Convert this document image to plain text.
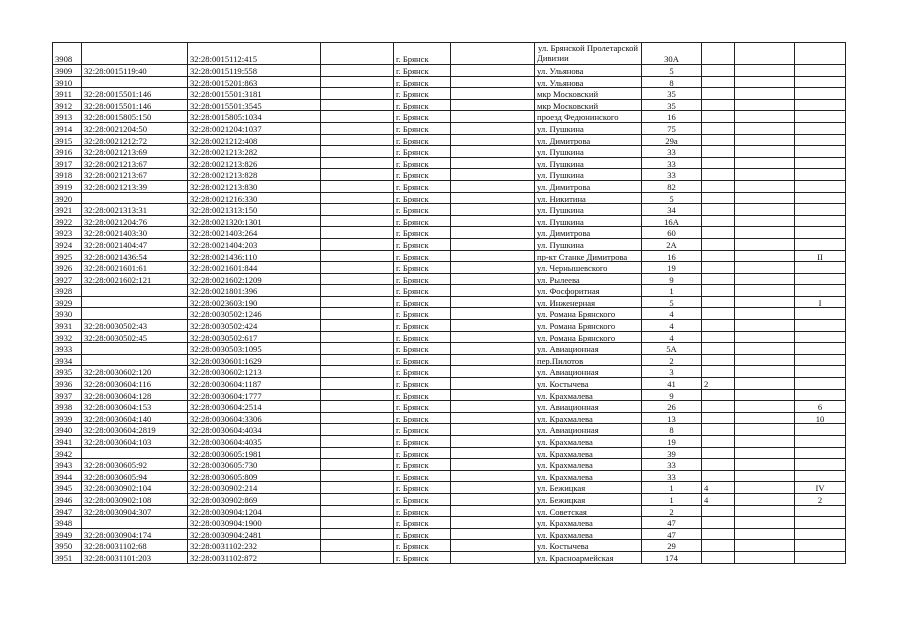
3908		32:28:0015112:415		г. Брянск		ул. Брянской Пролетарской
Дивизии	30А			
3909	32:28:0015119:40	32:28:0015119:558		г. Брянск		ул. Ульянова	5			
3910		32:28:0015201:863		г. Брянск		ул. Ульянова	8			
3911	32:28:0015501:146	32:28:0015501:3181		г. Брянск		мкр Московский	35			
3912	32:28:0015501:146	32:28:0015501:3545		г. Брянск		мкр Московский	35			
3913	32:28:0015805:150	32:28:0015805:1034		г. Брянск		проезд Федюнинского	16			
3914	32:28:0021204:50	32:28:0021204:1037		г. Брянск		ул. Пушкина	75			
3915	32:28:0021212:72	32:28:0021212:408		г. Брянск		ул. Димитрова	29а			
3916	32:28:0021213:69	32:28:0021213:282		г. Брянск		ул. Пушкина	33			
3917	32:28:0021213:67	32:28:0021213:826		г. Брянск		ул. Пушкина	33			
3918	32:28:0021213:67	32:28:0021213:828		г. Брянск		ул. Пушкина	33			
3919	32:28:0021213:39	32:28:0021213:830		г. Брянск		ул. Димитрова	82			
3920		32:28:0021216:330		г. Брянск		ул. Никитина	5			
3921	32:28:0021313:31	32:28:0021313:150		г. Брянск		ул. Пушкина	34			
3922	32:28:0021204:76	32:28:0021320:1301		г. Брянск		ул. Пушкина	16А			
3923	32:28:0021403:30	32:28:0021403:264		г. Брянск		ул. Димитрова	60			
3924	32:28:0021404:47	32:28:0021404:203		г. Брянск		ул. Пушкина	2А			
3925	32:28:0021436:54	32:28:0021436:110		г. Брянск		пр-кт Станке Димитрова	16			II
3926	32:28:0021601:61	32:28:0021601:844		г. Брянск		ул. Чернышевского	19			
3927	32:28:0021602:121	32:28:0021602:1209		г. Брянск		ул. Рылеева	9			
3928		32:28:0021801:396		г. Брянск		ул. Фосфоритная	1			
3929		32:28:0023603:190		г. Брянск		ул. Инженерная	5			I
3930		32:28:0030502:1246		г. Брянск		ул. Романа Брянского	4			
3931	32:28:0030502:43	32:28:0030502:424		г. Брянск		ул. Романа Брянского	4			
3932	32:28:0030502:45	32:28:0030502:617		г. Брянск		ул. Романа Брянского	4			
3933		32:28:0030503:1095		г. Брянск		ул. Авиационная	5А			
3934		32:28:0030601:1629		г. Брянск		пер.Пилотов	2			
3935	32:28:0030602:120	32:28:0030602:1213		г. Брянск		ул. Авиационная	3			
3936	32:28:0030604:116	32:28:0030604:1187		г. Брянск		ул. Костычева	41	2		
3937	32:28:0030604:128	32:28:0030604:1777		г. Брянск		ул. Крахмалева	9			
3938	32:28:0030604:153	32:28:0030604:2514		г. Брянск		ул. Авиационная	26			6
3939	32:28:0030604:140	32:28:0030604:3306		г. Брянск		ул. Крахмалева	13			10
3940	32:28:0030604:2819	32:28:0030604:4034		г. Брянск		ул. Авиационная	8			
3941	32:28:0030604:103	32:28:0030604:4035		г. Брянск		ул. Крахмалева	19			
3942		32:28:0030605:1981		г. Брянск		ул. Крахмалева	39			
3943	32:28:0030605:92	32:28:0030605:730		г. Брянск		ул. Крахмалева	33			
3944	32:28:0030605:94	32:28:0030605:809		г. Брянск		ул. Крахмалева	33			
3945	32:28:0030902:104	32:28:0030902:214		г. Брянск		ул. Бежицкая	1	4		IV
3946	32:28:0030902:108	32:28:0030902:869		г. Брянск		ул. Бежицкая	1	4		2
3947	32:28:0030904:307	32:28:0030904:1204		г. Брянск		ул. Советская	2			
3948		32:28:0030904:1900		г. Брянск		ул. Крахмалева	47			
3949	32:28:0030904:174	32:28:0030904:2481		г. Брянск		ул. Крахмалева	47			
3950	32:28:0031102:68	32:28:0031102:232		г. Брянск		ул. Костычева	29			
3951	32:28:0031101:203	32:28:0031102:872		г. Брянск		ул. Красноармейская	174			
